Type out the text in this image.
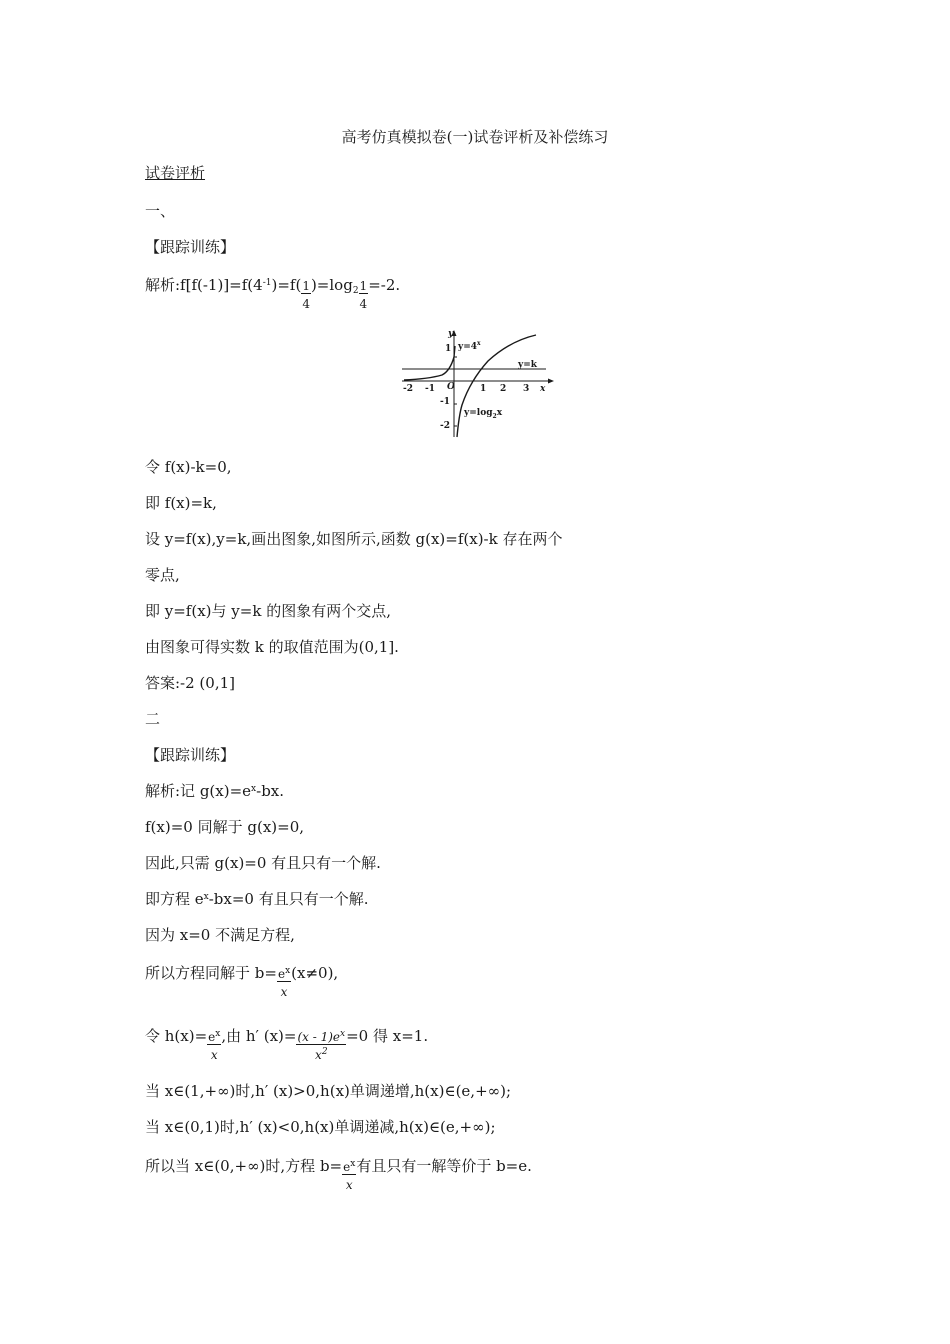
高考仿真模拟卷(一)试卷评析及补偿练习
试卷评析
一、
【跟踪训练】
解析$:f[f(-1)]=f(4^{-1})=f(\frac{1}{4} )=\log_2\frac{1}{4} =-2$.
y
x
O
$y=4^x$
y=k
$y=\log_2x$
-2 -1	1 2 3
1
-1
-2
令 f(x)-k=0,
即 f(x)=k,
设 y=f(x),y=k,画出图象,如图所示,函数 g(x)=f(x)-k 存在两个
零点,
即 y=f(x)与 y=k 的图象有两个交点,
由图象可得实数 k 的取值范围为(0,1].
答案:-2 (0,1]
二
【跟踪训练】
解析:记 $g(x)=e^x-bx$.
f(x)=0 同解于 g(x)=0,
因此,只需 g(x)=0 有且只有一个解.
即方程 $e^x-bx=0$ 有且只有一个解.
因为 x=0 不满足方程,
所以方程同解于 $b=\frac{e^x}{x} (x\ne 0)$,
令 $h(x)=\frac{e^x}{x}$ ,由 h′ $(x)=\frac{(x - 1)e^x}{x^2} =0$ 得 x=1.
当 x∈(1,+∞)时,h′ (x)>0,h(x)单调递增,h(x)∈(e,+∞);
当 x∈(0,1)时,h′ (x)<0,h(x)单调递减,h(x)∈(e,+∞);
所以当 x∈(0,+∞)时,方程 $b=\frac{e^x}{x}$ 有且只有一解等价于 b=e.
